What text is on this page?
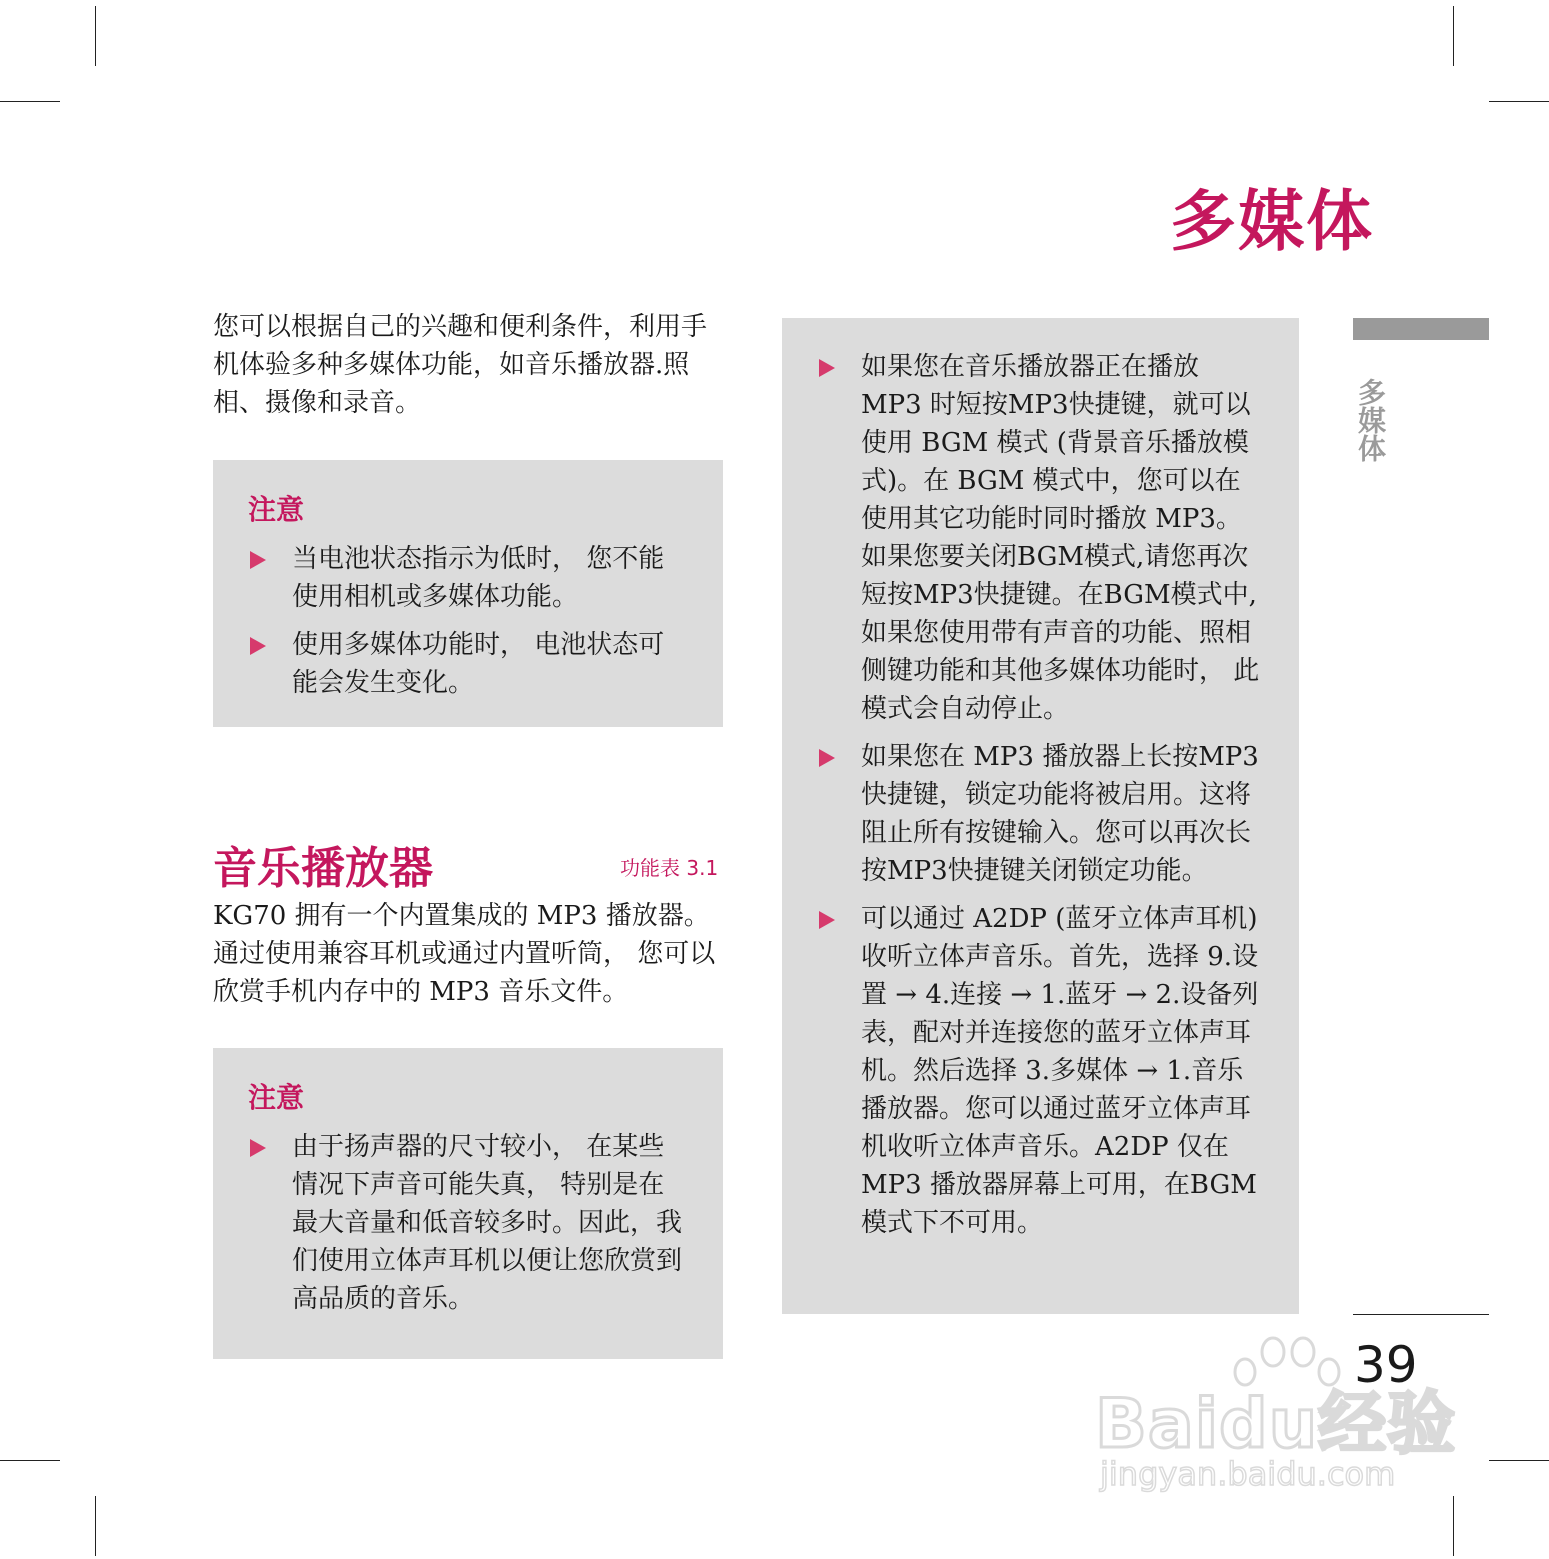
多媒体
多媒体

您可以根据自己的兴趣和便利条件，利用手机体验多种多媒体功能，如音乐播放器.照相、摄像和录音。

注意

当电池状态指示为低时， 您不能使用相机或多媒体功能。
使用多媒体功能时， 电池状态可能会发生变化。
音乐播放器	功能表 3.1

KG70 拥有一个内置集成的 MP3 播放器。通过使用兼容耳机或通过内置听筒， 您可以欣赏手机内存中的 MP3 音乐文件。

注意

由于扬声器的尺寸较小， 在某些情况下声音可能失真， 特别是在最大音量和低音较多时。因此，我们使用立体声耳机以便让您欣赏到高品质的音乐。
如果您在音乐播放器正在播放 MP3 时短按MP3快捷键，就可以使用 BGM 模式 (背景音乐播放模式)。在 BGM 模式中，您可以在使用其它功能时同时播放 MP3。如果您要关闭BGM模式,请您再次短按MP3快捷键。在BGM模式中,如果您使用带有声音的功能、照相侧键功能和其他多媒体功能时， 此模式会自动停止。
如果您在 MP3 播放器上长按MP3快捷键，锁定功能将被启用。这将阻止所有按键输入。您可以再次长按MP3快捷键关闭锁定功能。
可以通过 A2DP (蓝牙立体声耳机) 收听立体声音乐。首先，选择 9.设置 → 4.连接 → 1.蓝牙 → 2.设备列表，配对并连接您的蓝牙立体声耳机。然后选择 3.多媒体 → 1.音乐播放器。您可以通过蓝牙立体声耳机收听立体声音乐。A2DP 仅在 MP3 播放器屏幕上可用，在BGM 模式下不可用。
39
Baidu经验
jingyan.baidu.com
